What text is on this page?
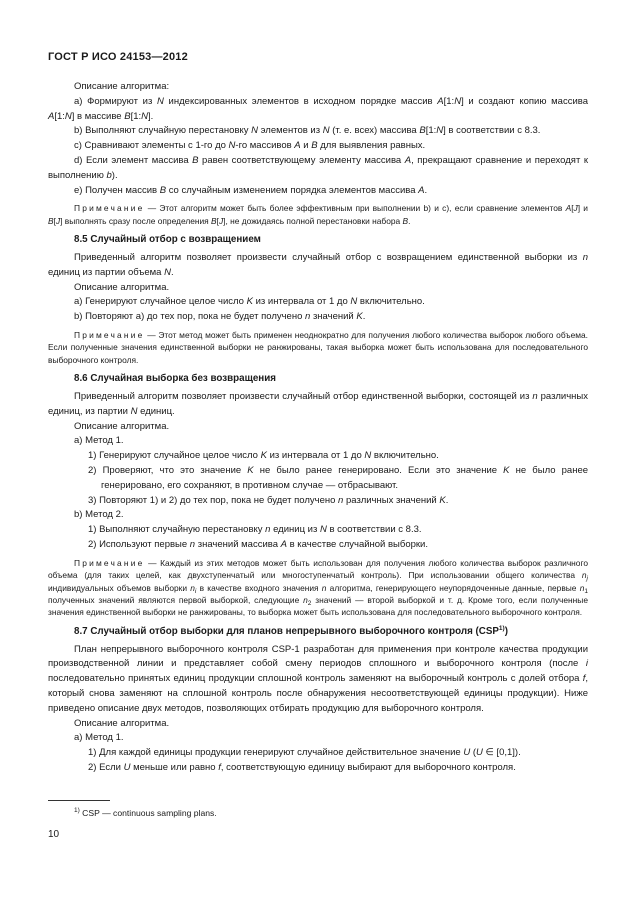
ГОСТ Р ИСО 24153—2012

Описание алгоритма:

a) Формируют из N индексированных элементов в исходном порядке массив A[1:N] и создают копию массива A[1:N] в массиве B[1:N].

b) Выполняют случайную перестановку N элементов из N (т. е. всех) массива B[1:N] в соответствии с 8.3.

c) Сравнивают элементы с 1-го до N-го массивов A и B для выявления равных.

d) Если элемент массива B равен соответствующему элементу массива A, прекращают сравнение и переходят к выполнению b).

e) Получен массив B со случайным изменением порядка элементов массива A.

Примечание — Этот алгоритм может быть более эффективным при выполнении b) и c), если сравнение элементов A[J] и B[J] выполнять сразу после определения B[J], не дожидаясь полной перестановки набора B.

8.5 Случайный отбор с возвращением

Приведенный алгоритм позволяет произвести случайный отбор с возвращением единственной выборки из n единиц из партии объема N.

Описание алгоритма.

a) Генерируют случайное целое число K из интервала от 1 до N включительно.

b) Повторяют a) до тех пор, пока не будет получено n значений K.

Примечание — Этот метод может быть применен неоднократно для получения любого количества выборок любого объема. Если полученные значения единственной выборки не ранжированы, такая выборка может быть использована для последовательного выборочного контроля.

8.6 Случайная выборка без возвращения

Приведенный алгоритм позволяет произвести случайный отбор единственной выборки, состоящей из n различных единиц, из партии N единиц.

Описание алгоритма.

a) Метод 1.

1) Генерируют случайное целое число K из интервала от 1 до N включительно.

2) Проверяют, что это значение K не было ранее генерировано. Если это значение K не было ранее генерировано, его сохраняют, в противном случае — отбрасывают.

3) Повторяют 1) и 2) до тех пор, пока не будет получено n различных значений K.

b) Метод 2.

1) Выполняют случайную перестановку n единиц из N в соответствии с 8.3.

2) Используют первые n значений массива A в качестве случайной выборки.

Примечание — Каждый из этих методов может быть использован для получения любого количества выборок различного объема (для таких целей, как двухступенчатый или многоступенчатый контроль). При использовании общего количества $n_j$ индивидуальных объемов выборки $n_i$ в качестве входного значения n алгоритма, генерирующего неупорядоченные данные, первые $n_1$ полученных значений являются первой выборкой, следующие $n_2$ значений — второй выборкой и т. д. Кроме того, если полученные значения единственной выборки не ранжированы, то выборка может быть использована для последовательного выборочного контроля.

8.7 Случайный отбор выборки для планов непрерывного выборочного контроля (CSP$^{1)}$)

План непрерывного выборочного контроля CSP-1 разработан для применения при контроле качества продукции производственной линии и представляет собой смену периодов сплошного и выборочного контроля (после i последовательно принятых единиц продукции сплошной контроль заменяют на выборочный контроль с долей отбора f, который снова заменяют на сплошной контроль после обнаружения несоответствующей единицы продукции). Ниже приведено описание двух методов, позволяющих отбирать продукцию для выборочного контроля.

Описание алгоритма.

a) Метод 1.

1) Для каждой единицы продукции генерируют случайное действительное значение U (U ∈ [0,1]).

2) Если U меньше или равно f, соответствующую единицу выбирают для выборочного контроля.

$^{1)}$ CSP — continuous sampling plans.
10
